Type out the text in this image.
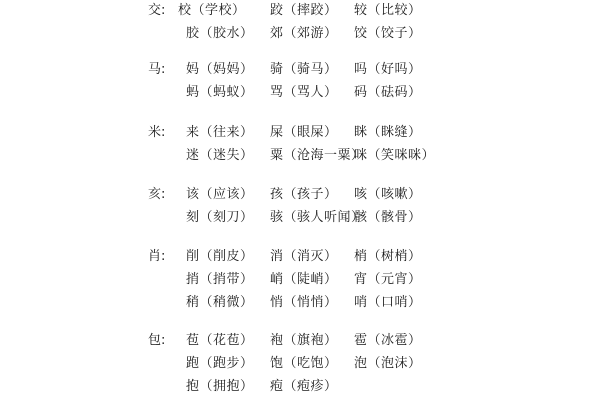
交: 校（学校） 跤（摔跤） 较（比较）
胶（胶水） 郊（郊游） 饺（饺子）
马: 妈（妈妈） 骑（骑马） 吗（好吗）
蚂（蚂蚁） 骂（骂人） 码（砝码）
米: 来（往来） 屎（眼屎） 眯（眯缝）
迷（迷失） 粟（沧海一粟）
咪（笑咪咪）
亥: 该（应该） 孩（孩子） 咳（咳嗽）
刻（刻刀） 骇（骇人听闻）
骸（骸骨）
肖: 削（削皮） 消（消灭） 梢（树梢）
捎（捎带） 峭（陡峭） 宵（元宵）
稍（稍微） 悄（悄悄） 哨（口哨）
包: 苞（花苞） 袍（旗袍） 雹（冰雹）
跑（跑步） 饱（吃饱） 泡（泡沫）
抱（拥抱） 疱（疱疹）
